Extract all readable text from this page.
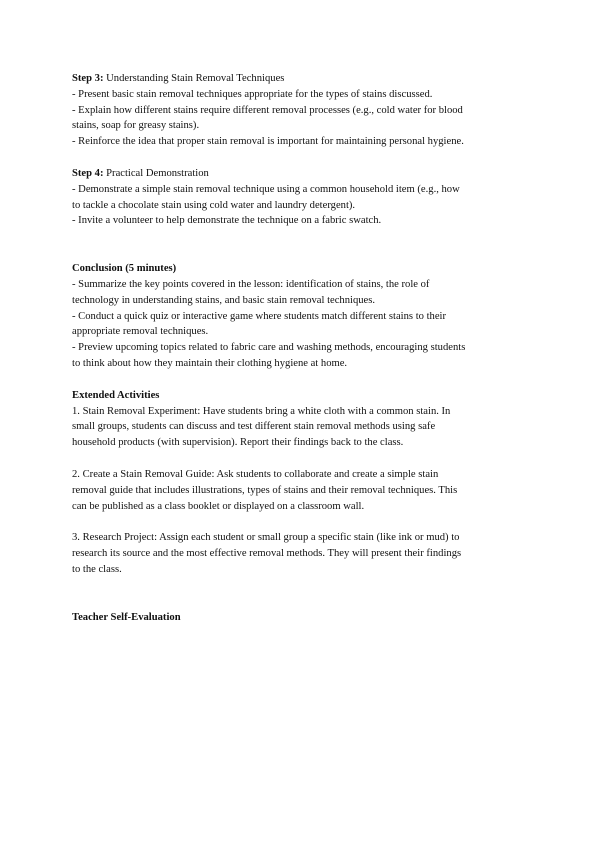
Step 3: Understanding Stain Removal Techniques
- Present basic stain removal techniques appropriate for the types of stains discussed.
- Explain how different stains require different removal processes (e.g., cold water for blood
stains, soap for greasy stains).
- Reinforce the idea that proper stain removal is important for maintaining personal hygiene.
Step 4: Practical Demonstration
- Demonstrate a simple stain removal technique using a common household item (e.g., how
to tackle a chocolate stain using cold water and laundry detergent).
- Invite a volunteer to help demonstrate the technique on a fabric swatch.
Conclusion (5 minutes)
- Summarize the key points covered in the lesson: identification of stains, the role of
technology in understanding stains, and basic stain removal techniques.
- Conduct a quick quiz or interactive game where students match different stains to their
appropriate removal techniques.
- Preview upcoming topics related to fabric care and washing methods, encouraging students
to think about how they maintain their clothing hygiene at home.
Extended Activities
1. Stain Removal Experiment: Have students bring a white cloth with a common stain. In
small groups, students can discuss and test different stain removal methods using safe
household products (with supervision). Report their findings back to the class.
2. Create a Stain Removal Guide: Ask students to collaborate and create a simple stain
removal guide that includes illustrations, types of stains and their removal techniques. This
can be published as a class booklet or displayed on a classroom wall.
3. Research Project: Assign each student or small group a specific stain (like ink or mud) to
research its source and the most effective removal methods. They will present their findings
to the class.
Teacher Self-Evaluation
